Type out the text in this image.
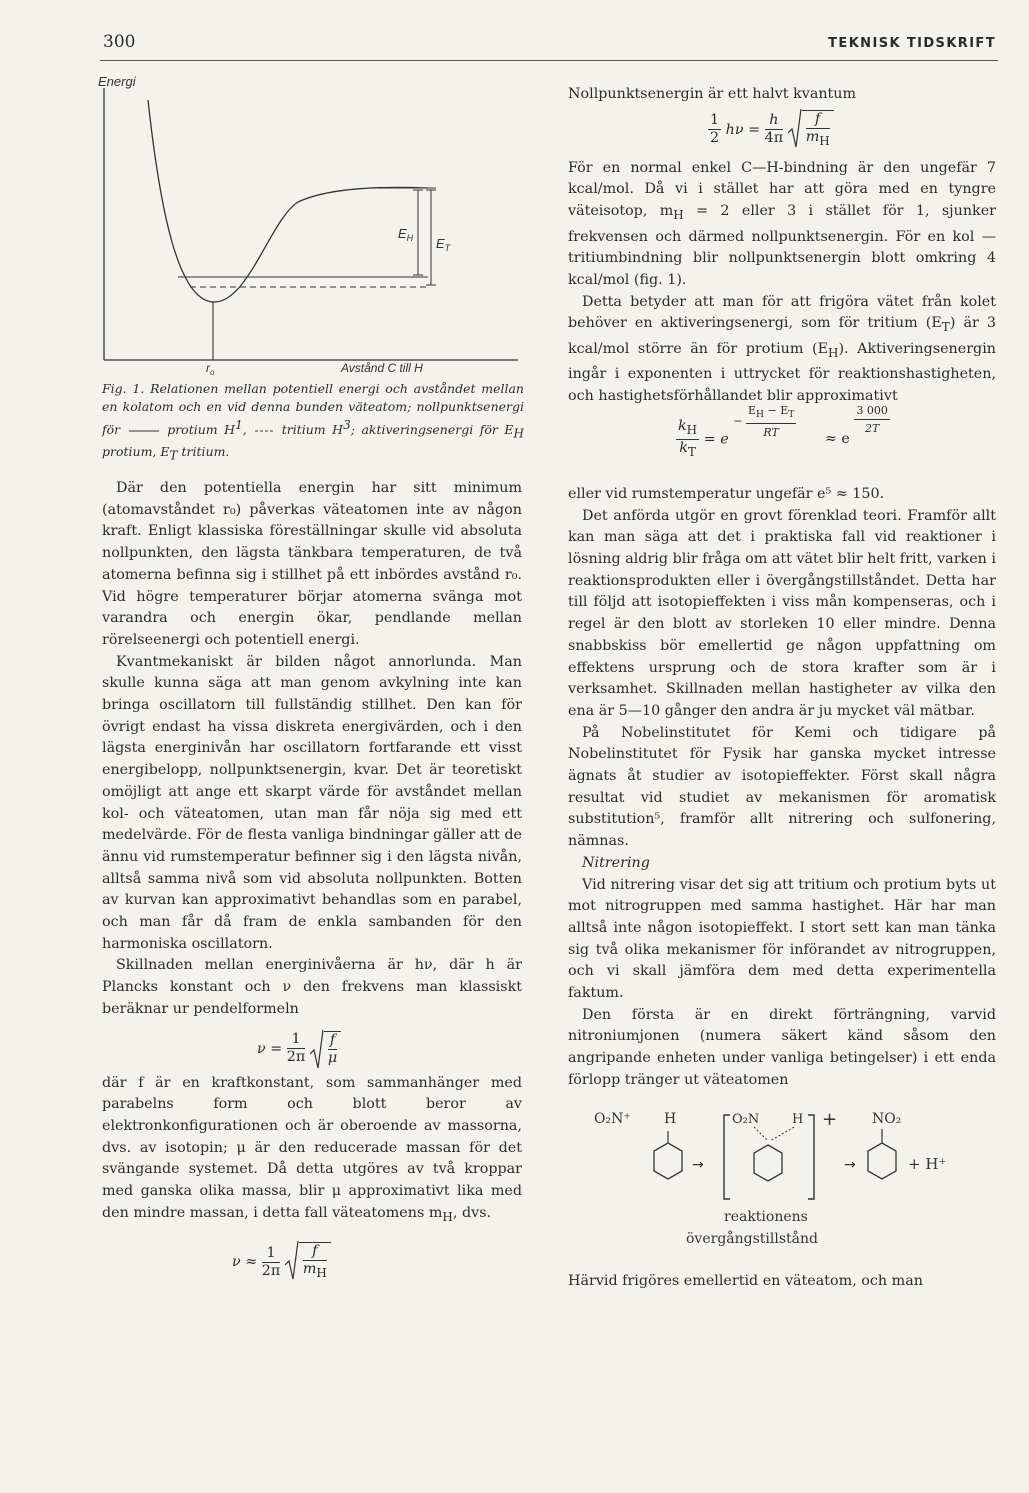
300	TEKNISK TIDSKRIFT
Energi
$E_H$ $E_T$
$r_o$	Avstånd C till H
Fig. 1. Relationen mellan potentiell energi och avståndet mellan en kolatom och en vid denna bunden väteatom; nollpunktsenergi för	protium $H^1$,  tritium $H^3$; aktiveringsenergi för $E_H$ protium, $E_T$ tritium.

Där den potentiella energin har sitt minimum (atomavståndet r₀) påverkas väteatomen inte av någon kraft. Enligt klassiska föreställningar skulle vid absoluta nollpunkten, den lägsta tänkbara temperaturen, de två atomerna befinna sig i stillhet på ett inbördes avstånd r₀. Vid högre temperaturer börjar atomerna svänga mot varandra och energin ökar, pendlande mellan rörelseenergi och potentiell energi.

Kvantmekaniskt är bilden något annorlunda. Man skulle kunna säga att man genom avkylning inte kan bringa oscillatorn till fullständig stillhet. Den kan för övrigt endast ha vissa diskreta energivärden, och i den lägsta energinivån har oscillatorn fortfarande ett visst energibelopp, nollpunktsenergin, kvar. Det är teoretiskt omöjligt att ange ett skarpt värde för avståndet mellan kol- och väteatomen, utan man får nöja sig med ett medelvärde. För de flesta vanliga bindningar gäller att de ännu vid rumstemperatur befinner sig i den lägsta nivån, alltså samma nivå som vid absoluta nollpunkten. Botten av kurvan kan approximativt behandlas som en parabel, och man får då fram de enkla sambanden för den harmoniska oscillatorn.

Skillnaden mellan energinivåerna är hν, där h är Plancks konstant och ν den frekvens man klassiskt beräknar ur pendelformeln

$\nu = \frac{1}{2\pi}$
$\frac{f}{\mu}$

där f är en kraftkonstant, som sammanhänger med parabelns form och blott beror av elektronkonfigurationen och är oberoende av massorna, dvs. av isotopin; μ är den reducerade massan för det svängande systemet. Då detta utgöres av två kroppar med ganska olika massa, blir μ approximativt lika med den mindre massan, i detta fall väteatomens $m_H$, dvs.

$\nu \approx \frac{1}{2\pi}$
$\frac{f}{m_H}$

Nollpunktsenergin är ett halvt kvantum

$\frac{1}{2}$ $h\nu = \frac{h}{4\pi}$
$\frac{f}{m_H}$

För en normal enkel C—H-bindning är den ungefär 7 kcal/mol. Då vi i stället har att göra med en tyngre väteisotop, $m_H = 2$ eller 3 i stället för 1, sjunker frekvensen och därmed nollpunktsenergin. För en kol — tritiumbindning blir nollpunktsenergin blott omkring 4 kcal/mol (fig. 1).

Detta betyder att man för att frigöra vätet från kolet behöver en aktiveringsenergi, som för tritium $(E_T)$ är 3 kcal/mol större än för protium $(E_H)$. Aktiveringsenergin ingår i exponenten i uttrycket för reaktionshastigheten, och hastighetsförhållandet blir approximativt

$\frac{k_H}{k_T} = e - \frac{E_H - E_T}{RT} \approx e$
$\frac{3 000}{2T}$

eller vid rumstemperatur ungefär e⁵ ≈ 150.

Det anförda utgör en grovt förenklad teori. Framför allt kan man säga att det i praktiska fall vid reaktioner i lösning aldrig blir fråga om att vätet blir helt fritt, varken i reaktionsprodukten eller i övergångstillståndet. Detta har till följd att isotopieffekten i viss mån kompenseras, och i regel är den blott av storleken 10 eller mindre. Denna snabbskiss bör emellertid ge någon uppfattning om effektens ursprung och de stora krafter som är i verksamhet. Skillnaden mellan hastigheter av vilka den ena är 5—10 gånger den andra är ju mycket väl mätbar.

På Nobelinstitutet för Kemi och tidigare på Nobelinstitutet för Fysik har ganska mycket intresse ägnats åt studier av isotopieffekter. Först skall några resultat vid studiet av mekanismen för aromatisk substitution⁵, framför allt nitrering och sulfonering, nämnas.

Nitrering

Vid nitrering visar det sig att tritium och protium byts ut mot nitrogruppen med samma hastighet. Här har man alltså inte någon isotopieffekt. I stort sett kan man tänka sig två olika mekanismer för införandet av nitrogruppen, och vi skall jämföra dem med detta experimentella faktum.

Den första är en direkt förträngning, varvid nitroniumjonen (numera säkert känd såsom den angripande enheten under vanliga betingelser) i ett enda förlopp tränger ut väteatomen

O₂N⁺ H
→
O₂N	H +
→
NO₂
+ H⁺
reaktionens
övergångstillstånd

Härvid frigöres emellertid en väteatom, och man
